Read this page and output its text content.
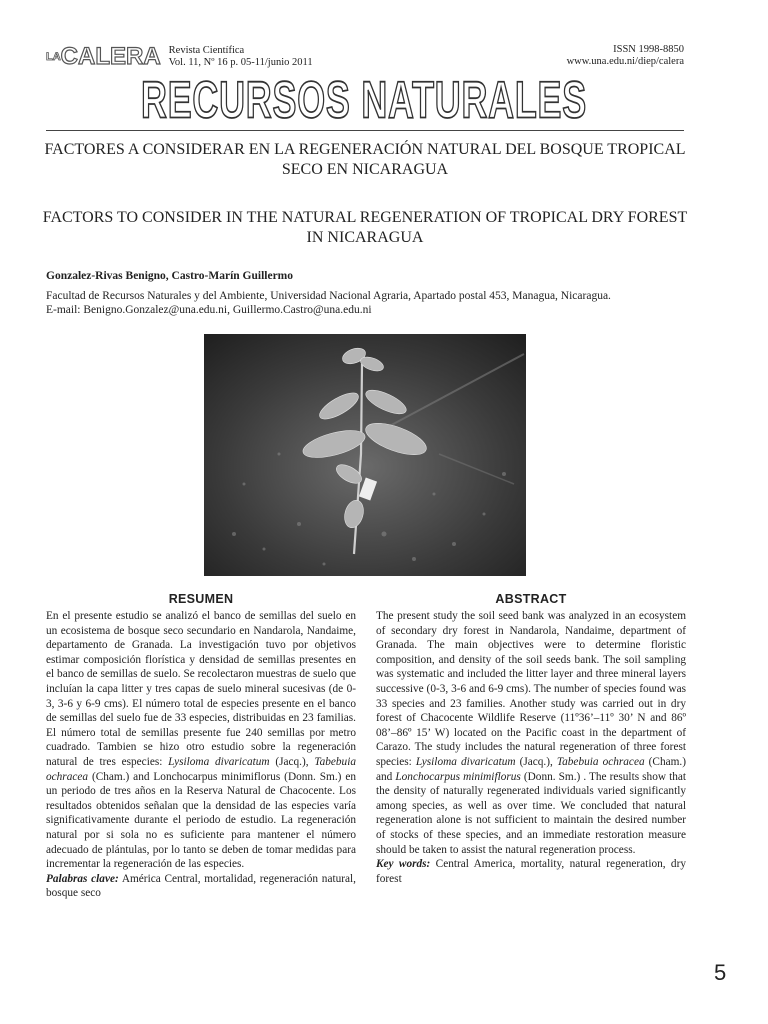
$^{LA}$CALERA Revista Científica
Vol. 11, Nº 16 p. 05-11/junio 2011
ISSN 1998-8850
www.una.edu.ni/diep/calera
RECURSOS NATURALES
FACTORES A CONSIDERAR EN LA REGENERACIÓN NATURAL DEL BOSQUE TROPICAL SECO EN NICARAGUA
FACTORS TO CONSIDER IN THE NATURAL REGENERATION OF TROPICAL DRY FOREST IN NICARAGUA
Gonzalez-Rivas Benigno, Castro-Marín Guillermo
Facultad de Recursos Naturales y del Ambiente, Universidad Nacional Agraria, Apartado postal 453, Managua, Nicaragua.
E-mail: Benigno.Gonzalez@una.edu.ni, Guillermo.Castro@una.edu.ni
RESUMEN

En el presente estudio se analizó el banco de semillas del suelo en un ecosistema de bosque seco secundario en Nandarola, Nandaime, departamento de Granada. La investigación tuvo por objetivos estimar composición florística y densidad de semillas presentes en el banco de semillas de suelo. Se recolectaron muestras de suelo que incluían la capa litter y tres capas de suelo mineral sucesivas (de 0-3, 3-6 y 6-9 cms). El número total de especies presente en el banco de semillas del suelo fue de 33 especies, distribuidas en 23 familias. El número total de semillas presente fue 240 semillas por metro cuadrado. Tambien se hizo otro estudio sobre la regeneración natural de tres especies: Lysiloma divaricatum (Jacq.), Tabebuia ochracea (Cham.) and Lonchocarpus minimiflorus (Donn. Sm.) en un periodo de tres años en la Reserva Natural de Chacocente. Los resultados obtenidos señalan que la densidad de las especies varía significativamente durante el periodo de estudio. La regeneración natural por si sola no es suficiente para mantener el número adecuado de plántulas, por lo tanto se deben de tomar medidas para incrementar la regeneración de las especies.

Palabras clave: América Central, mortalidad, regeneración natural, bosque seco

ABSTRACT

The present study the soil seed bank was analyzed in an ecosystem of secondary dry forest in Nandarola, Nandaime, department of Granada. The main objectives were to determine floristic composition, and density of the soil seeds bank. The soil sampling was systematic and included the litter layer and three mineral layers successive (0-3, 3-6 and 6-9 cms). The number of species found was 33 species and 23 families. Another study was carried out in dry forest of Chacocente Wildlife Reserve (11º36’–11º 30’ N and 86º 08’–86º 15’ W) located on the Pacific coast in the department of Carazo. The study includes the natural regeneration of three forest species: Lysiloma divaricatum (Jacq.), Tabebuia ochracea (Cham.) and Lonchocarpus minimiflorus (Donn. Sm.) . The results show that the density of naturally regenerated individuals varied significantly among species, as well as over time. We concluded that natural regeneration alone is not sufficient to maintain the desired number of stocks of these species, and an immediate restoration measure should be taken to assist the natural regeneration process.

Key words: Central America, mortality, natural regeneration, dry forest

5
